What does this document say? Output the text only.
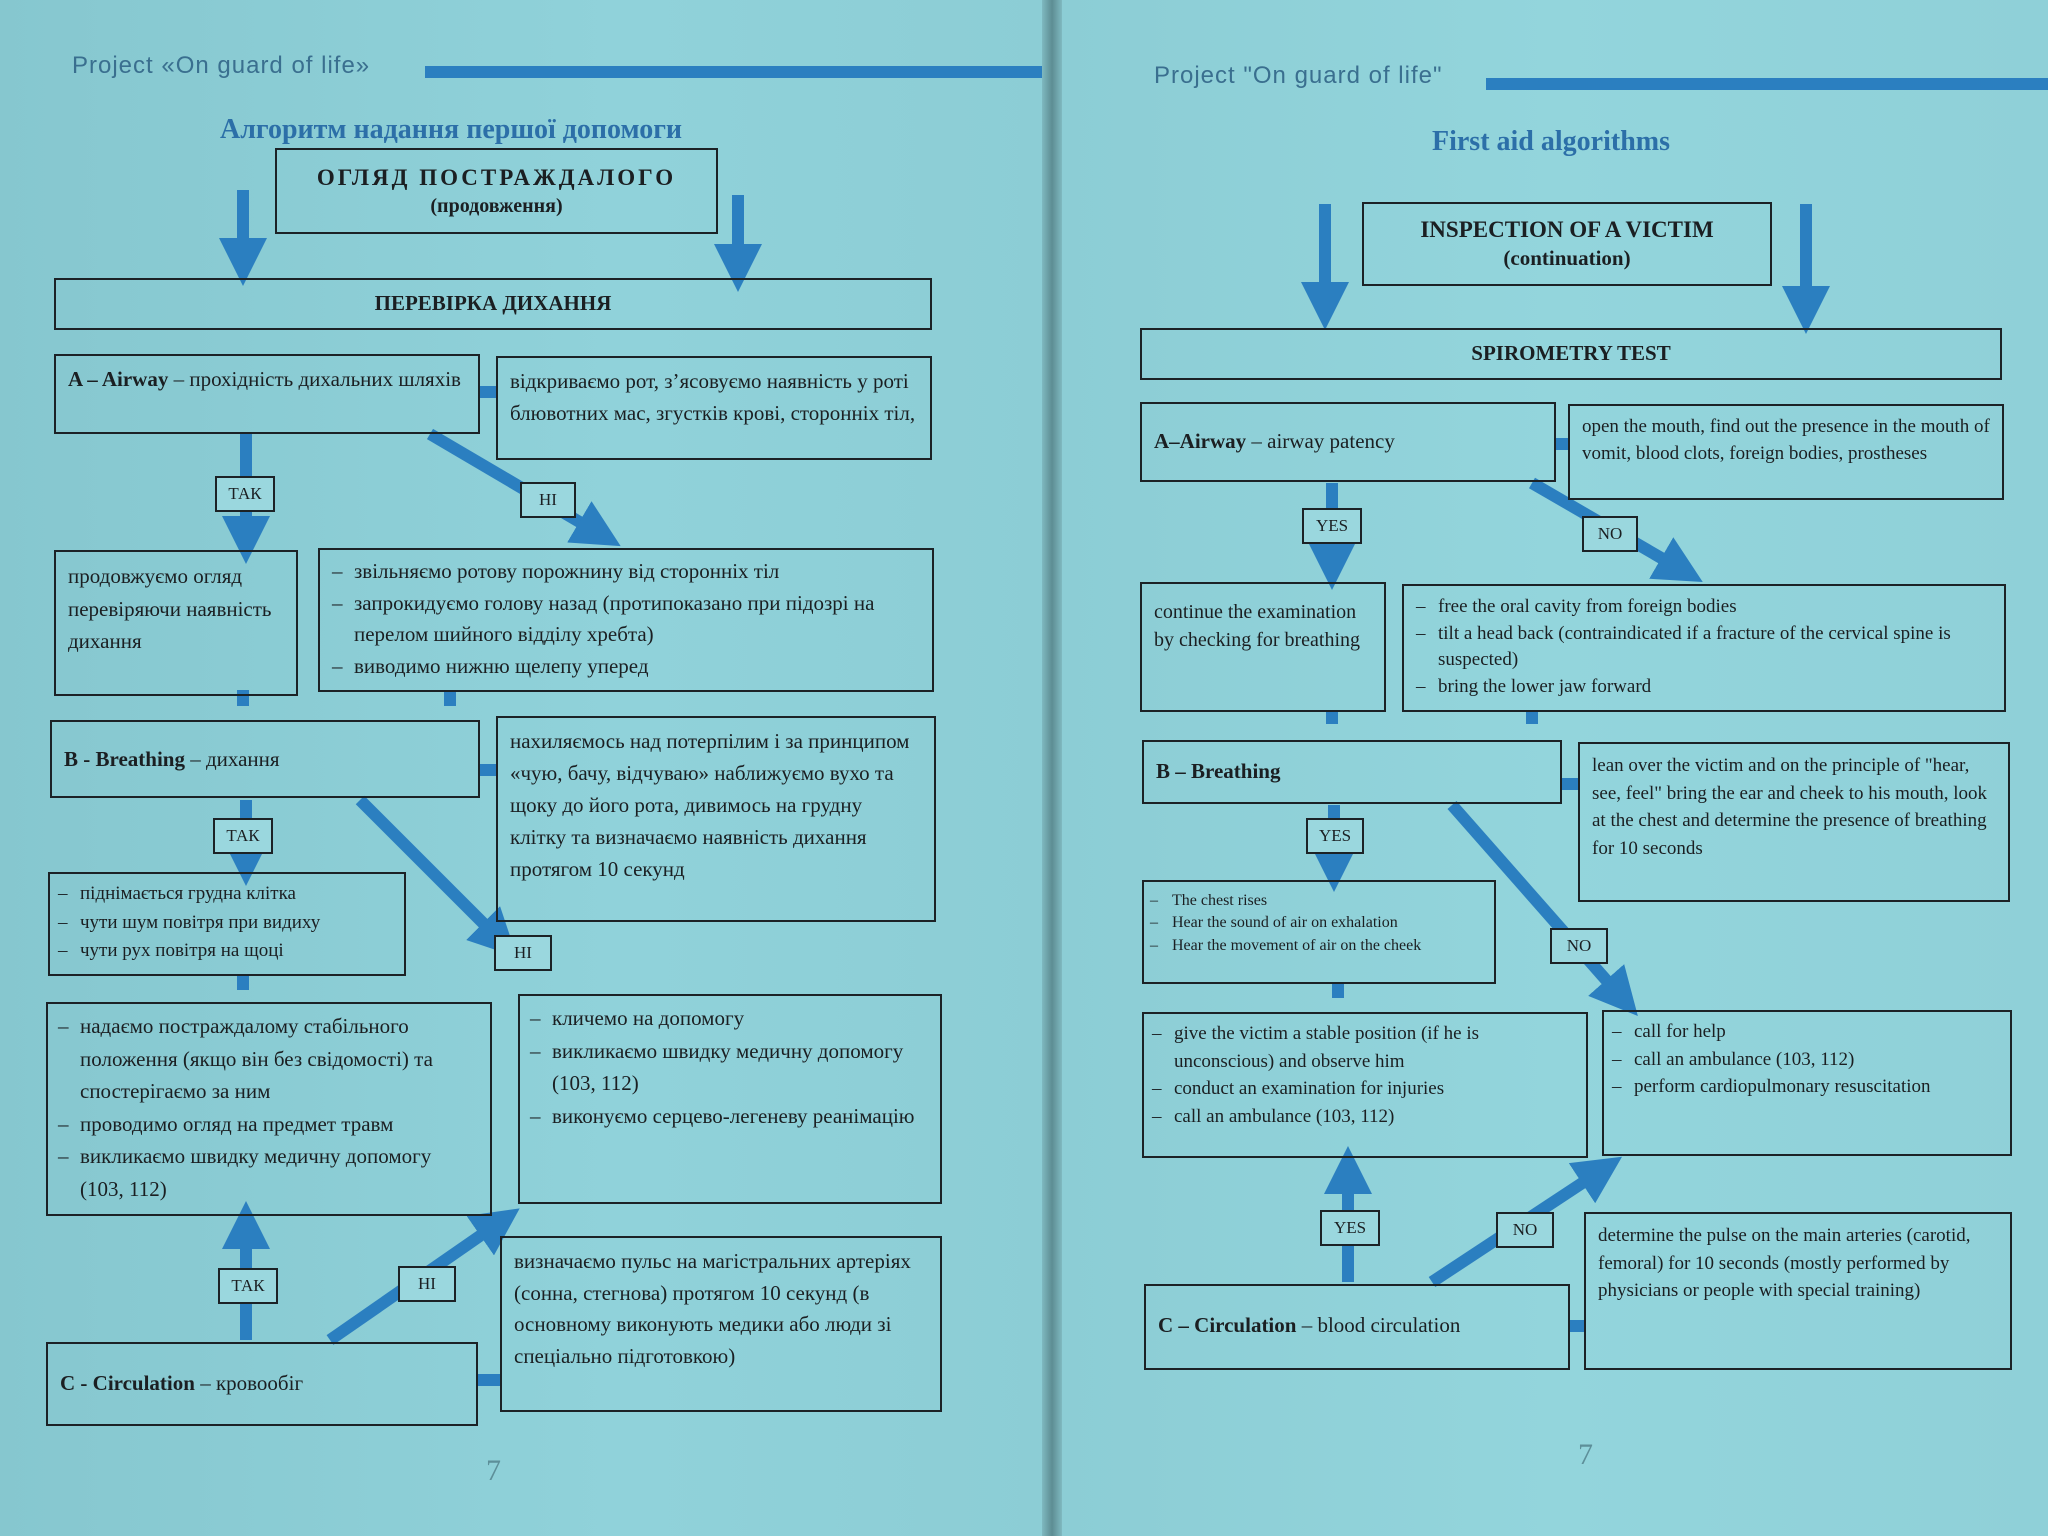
Project «On guard of life»
Алгоритм надання першої допомоги
ОГЛЯД ПОСТРАЖДАЛОГО
(продовження)
ПЕРЕВІРКА ДИХАННЯ
A – Airway – прохідність дихальних шляхів	відкриваємо рот, з’ясовуємо наявність у роті блювотних мас, згустків крові, сторонніх тіл,
ТАК	НІ
продовжуємо огляд перевіряючи наявність дихання
– звільняємо ротову порожнину від сторонніх тіл
– запрокидуємо голову назад (протипоказано при підозрі на перелом шийного відділу хребта)
– виводимо нижню щелепу уперед
B - Breathing – дихання
нахиляємось над потерпілим і за принципом «чую, бачу, відчуваю» наближуємо вухо та щоку до його рота, дивимось на грудну клітку та визначаємо наявність дихання протягом 10 секунд
ТАК
НІ
– піднімається грудна клітка
– чути шум повітря при видиху
– чути рух повітря на щоці
– надаємо постраждалому стабільного положення (якщо він без свідомості) та спостерігаємо за ним
– проводимо огляд на предмет травм
– викликаємо швидку медичну допомогу (103, 112)
– кличемо на допомогу
– викликаємо швидку медичну допомогу (103, 112)
– виконуємо серцево-легеневу реанімацію
ТАК	НІ
C - Circulation – кровообіг
визначаємо пульс на магістральних артеріях (сонна, стегнова) протягом 10 секунд (в основному виконують медики або люди зі спеціально підготовкою)
7
Project "On guard of life"
First aid algorithms
INSPECTION OF A VICTIM
(continuation)
SPIROMETRY TEST
A–Airway – airway patency
open the mouth, find out the presence in the mouth of vomit, blood clots, foreign bodies, prostheses
YES	NO
continue the examination by checking for breathing
– free the oral cavity from foreign bodies
– tilt a head back (contraindicated if a fracture of the cervical spine is suspected)
– bring the lower jaw forward
B – Breathing	lean over the victim and on the principle of "hear, see, feel" bring the ear and cheek to his mouth, look at the chest and determine the presence of breathing for 10 seconds
YES
NO
– The chest rises
– Hear the sound of air on exhalation
– Hear the movement of air on the cheek
– give the victim a stable position (if he is unconscious) and observe him
– conduct an examination for injuries
– call an ambulance (103, 112)
– call for help
– call an ambulance (103, 112)
– perform cardiopulmonary resuscitation
YES	NO
C – Circulation – blood circulation
determine the pulse on the main arteries (carotid, femoral) for 10 seconds (mostly performed by physicians or people with special training)
7
